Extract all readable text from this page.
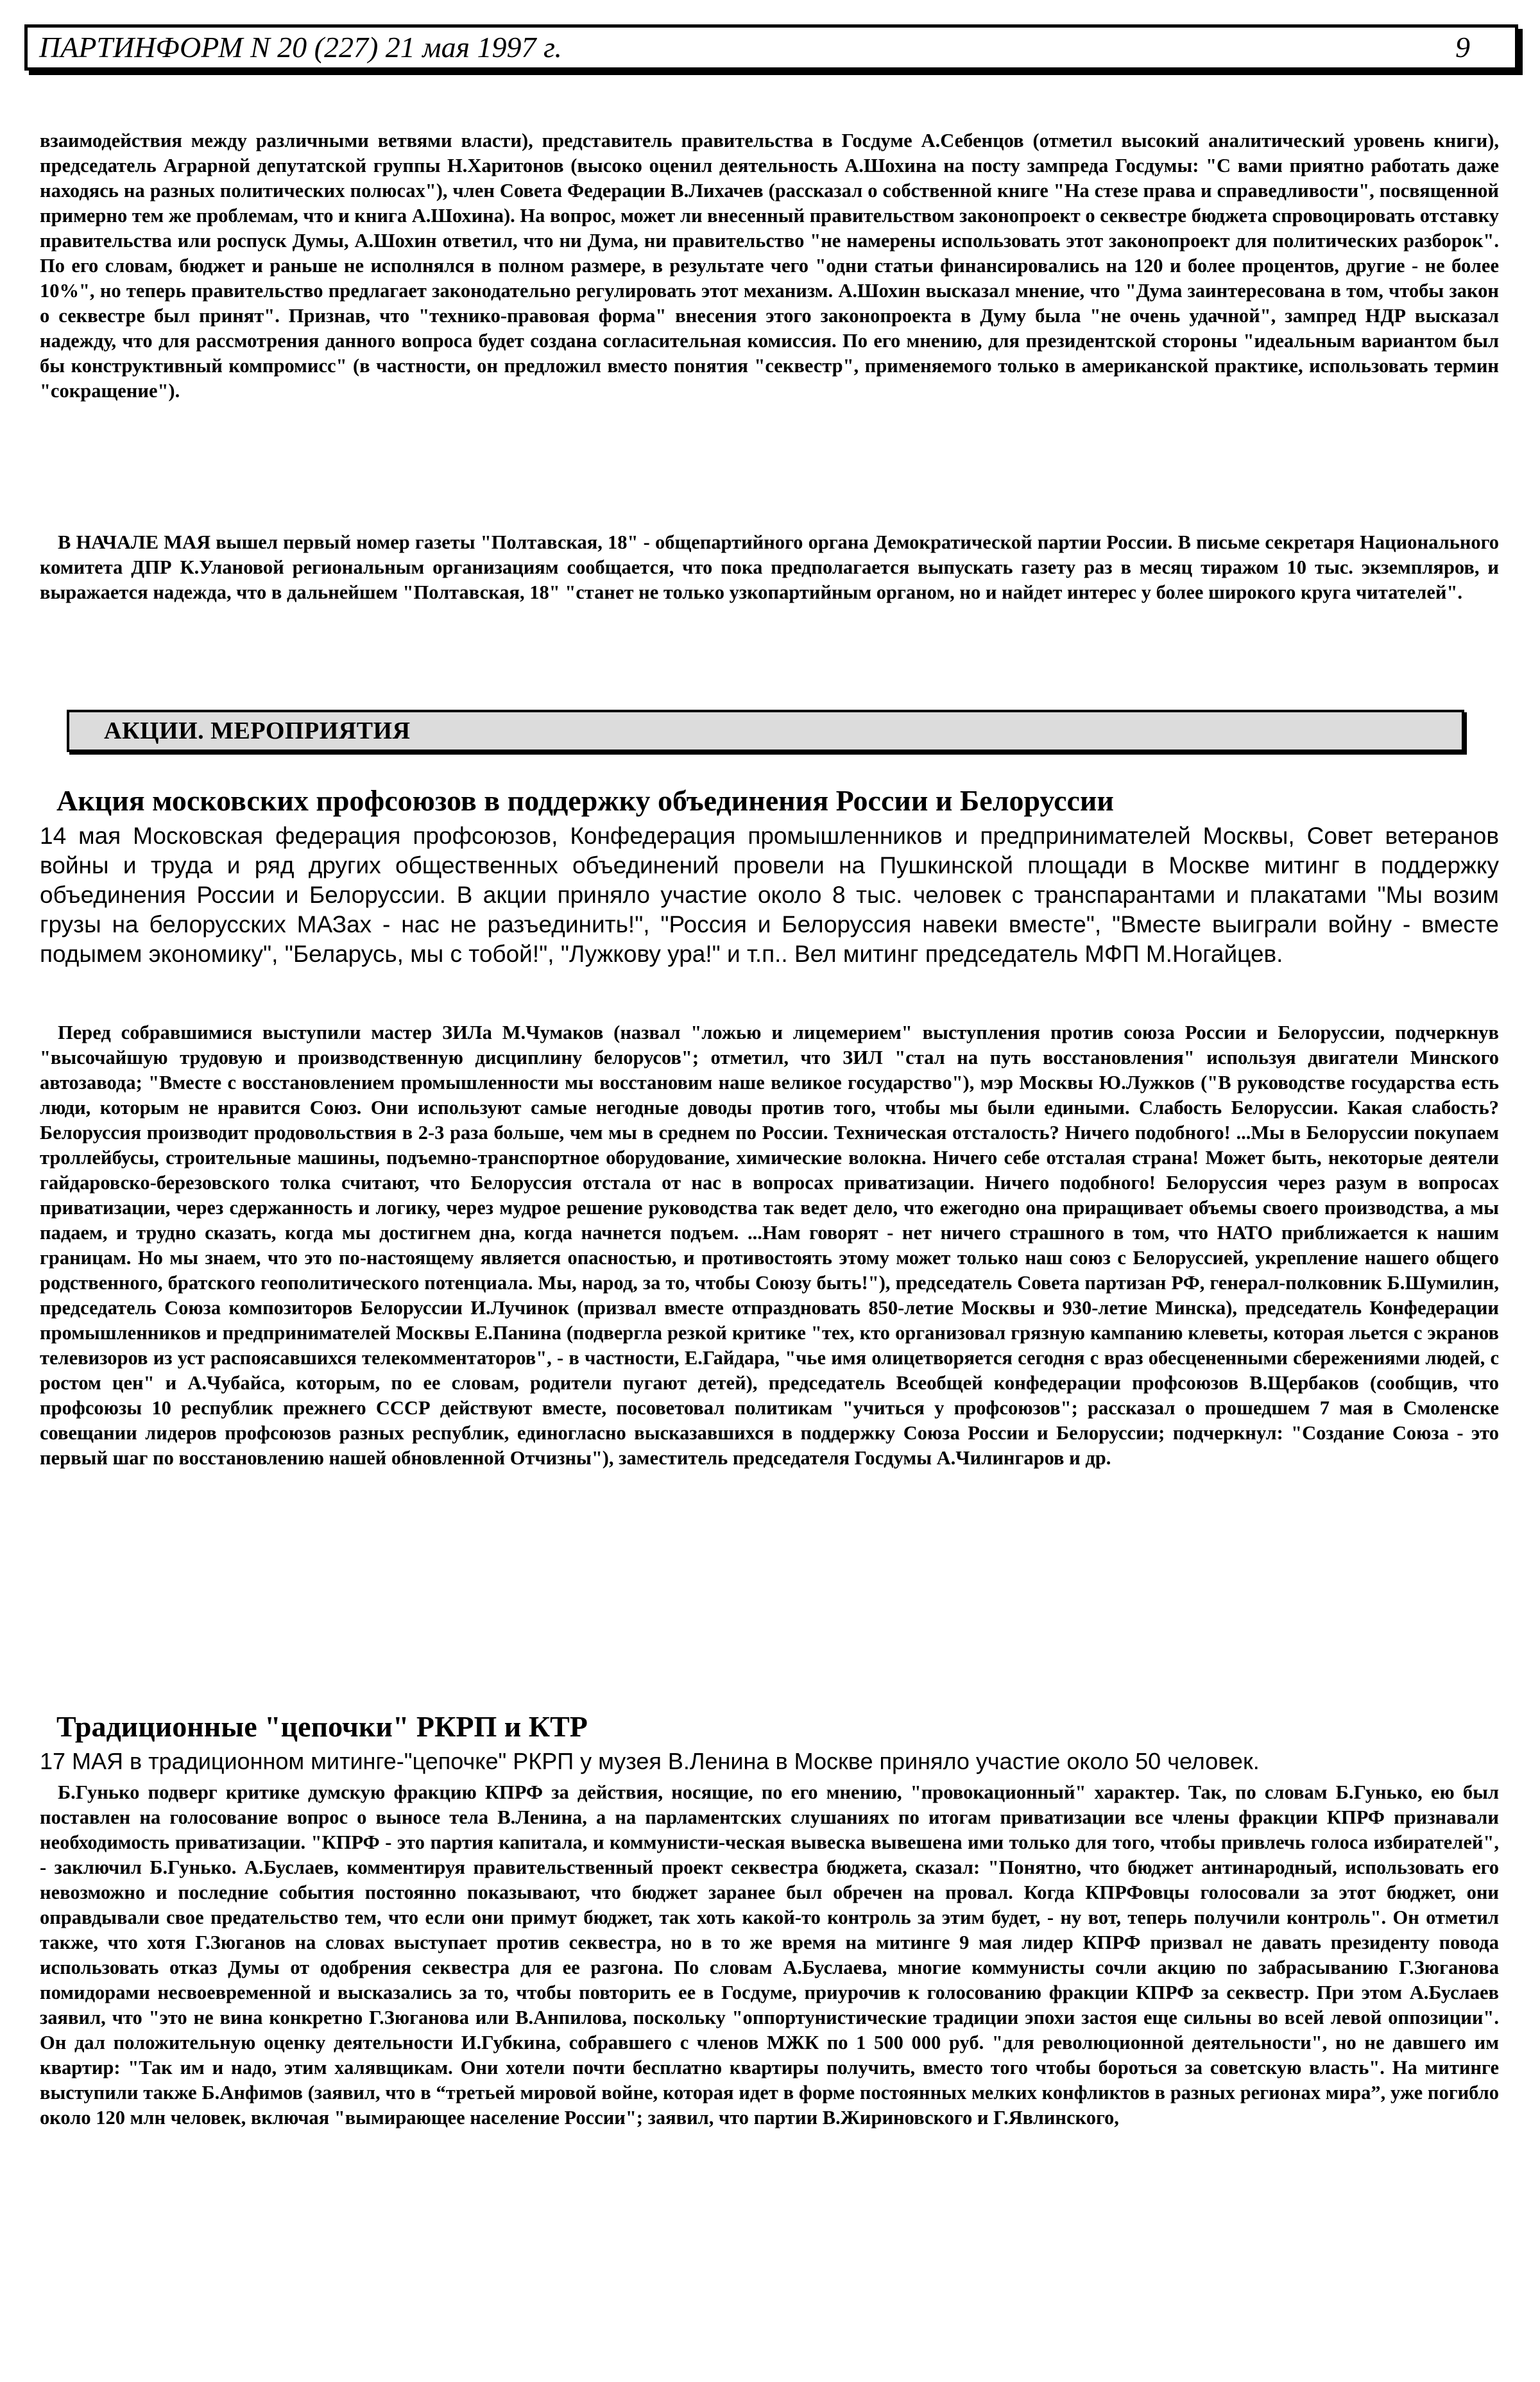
ПАРТИНФОРМ N 20 (227) 21 мая 1997 г.	9

взаимодействия между различными ветвями власти), представитель правительства в Госдуме А.Себенцов (отметил высокий аналитический уровень книги), председатель Аграрной депутатской группы Н.Харитонов (высоко оценил деятельность А.Шохина на посту зампреда Госдумы: "С вами приятно работать даже находясь на разных политических полюсах"), член Совета Федерации В.Лихачев (рассказал о собственной книге "На стезе права и справедливости", посвященной примерно тем же проблемам, что и книга А.Шохина). На вопрос, может ли внесенный правительством законопроект о секвестре бюджета спровоцировать отставку правительства или роспуск Думы, А.Шохин ответил, что ни Дума, ни правительство "не намерены использовать этот законопроект для политических разборок". По его словам, бюджет и раньше не исполнялся в полном размере, в результате чего "одни статьи финансировались на 120 и более процентов, другие - не более 10%", но теперь правительство предлагает законодательно регулировать этот механизм. А.Шохин высказал мнение, что "Дума заинтересована в том, чтобы закон о секвестре был принят". Признав, что "технико-правовая форма" внесения этого законопроекта в Думу была "не очень удачной", зампред НДР высказал надежду, что для рассмотрения данного вопроса будет создана согласительная комиссия. По его мнению, для президентской стороны "идеальным вариантом был бы конструктивный компромисс" (в частности, он предложил вместо понятия "секвестр", применяемого только в американской практике, использовать термин "сокращение").

В НАЧАЛЕ МАЯ вышел первый номер газеты "Полтавская, 18" - общепартийного органа Демократической партии России. В письме секретаря Национального комитета ДПР К.Улановой региональным организациям сообщается, что пока предполагается выпускать газету раз в месяц тиражом 10 тыс. экземпляров, и выражается надежда, что в дальнейшем "Полтавская, 18" "станет не только узкопартийным органом, но и найдет интерес у более широкого круга читателей".

АКЦИИ. МЕРОПРИЯТИЯ
Акция московских профсоюзов в поддержку объединения России и Белоруссии

14 мая Московская федерация профсоюзов, Конфедерация промышленников и предпринимателей Москвы, Совет ветеранов войны и труда и ряд других общественных объединений провели на Пушкинской площади в Москве митинг в поддержку объединения России и Белоруссии. В акции приняло участие около 8 тыс. человек с транспарантами и плакатами "Мы возим грузы на белорусских МАЗах - нас не разъединить!", "Россия и Белоруссия навеки вместе", "Вместе выиграли войну - вместе подымем экономику", "Беларусь, мы с тобой!", "Лужкову ура!" и т.п.. Вел митинг председатель МФП М.Ногайцев.

Перед собравшимися выступили мастер ЗИЛа М.Чумаков (назвал "ложью и лицемерием" выступления против союза России и Белоруссии, подчеркнув "высочайшую трудовую и производственную дисциплину белорусов"; отметил, что ЗИЛ "стал на путь восстановления" используя двигатели Минского автозавода; "Вместе с восстановлением промышленности мы восстановим наше великое государство"), мэр Москвы Ю.Лужков ("В руководстве государства есть люди, которым не нравится Союз. Они используют самые негодные доводы против того, чтобы мы были едиными. Слабость Белоруссии. Какая слабость? Белоруссия производит продовольствия в 2-3 раза больше, чем мы в среднем по России. Техническая отсталость? Ничего подобного! ...Мы в Белоруссии покупаем троллейбусы, строительные машины, подъемно-транспортное оборудование, химические волокна. Ничего себе отсталая страна! Может быть, некоторые деятели гайдаровско-березовского толка считают, что Белоруссия отстала от нас в вопросах приватизации. Ничего подобного! Белоруссия через разум в вопросах приватизации, через сдержанность и логику, через мудрое решение руководства так ведет дело, что ежегодно она приращивает объемы своего производства, а мы падаем, и трудно сказать, когда мы достигнем дна, когда начнется подъем. ...Нам говорят - нет ничего страшного в том, что НАТО приближается к нашим границам. Но мы знаем, что это по-настоящему является опасностью, и противостоять этому может только наш союз с Белоруссией, укрепление нашего общего родственного, братского геополитического потенциала. Мы, народ, за то, чтобы Союзу быть!"), председатель Совета партизан РФ, генерал-полковник Б.Шумилин, председатель Союза композиторов Белоруссии И.Лучинок (призвал вместе отпраздновать 850-летие Москвы и 930-летие Минска), председатель Конфедерации промышленников и предпринимателей Москвы Е.Панина (подвергла резкой критике "тех, кто организовал грязную кампанию клеветы, которая льется с экранов телевизоров из уст распоясавшихся телекомментаторов", - в частности, Е.Гайдара, "чье имя олицетворяется сегодня с враз обесцененными сбережениями людей, с ростом цен" и А.Чубайса, которым, по ее словам, родители пугают детей), председатель Всеобщей конфедерации профсоюзов В.Щербаков (сообщив, что профсоюзы 10 республик прежнего СССР действуют вместе, посоветовал политикам "учиться у профсоюзов"; рассказал о прошедшем 7 мая в Смоленске совещании лидеров профсоюзов разных республик, единогласно высказавшихся в поддержку Союза России и Белоруссии; подчеркнул: "Создание Союза - это первый шаг по восстановлению нашей обновленной Отчизны"), заместитель председателя Госдумы А.Чилингаров и др.

Традиционные "цепочки" РКРП и КТР

17 МАЯ в традиционном митинге-"цепочке" РКРП у музея В.Ленина в Москве приняло участие около 50 человек.

Б.Гунько подверг критике думскую фракцию КПРФ за действия, носящие, по его мнению, "провокационный" характер. Так, по словам Б.Гунько, ею был поставлен на голосование вопрос о выносе тела В.Ленина, а на парламентских слушаниях по итогам приватизации все члены фракции КПРФ признавали необходимость приватизации. "КПРФ - это партия капитала, и коммунисти-ческая вывеска вывешена ими только для того, чтобы привлечь голоса избирателей", - заключил Б.Гунько. А.Буслаев, комментируя правительственный проект секвестра бюджета, сказал: "Понятно, что бюджет антинародный, использовать его невозможно и последние события постоянно показывают, что бюджет заранее был обречен на провал. Когда КПРФовцы голосовали за этот бюджет, они оправдывали свое предательство тем, что если они примут бюджет, так хоть какой-то контроль за этим будет, - ну вот, теперь получили контроль". Он отметил также, что хотя Г.Зюганов на словах выступает против секвестра, но в то же время на митинге 9 мая лидер КПРФ призвал не давать президенту повода использовать отказ Думы от одобрения секвестра для ее разгона. По словам А.Буслаева, многие коммунисты сочли акцию по забрасыванию Г.Зюганова помидорами несвоевременной и высказались за то, чтобы повторить ее в Госдуме, приурочив к голосованию фракции КПРФ за секвестр. При этом А.Буслаев заявил, что "это не вина конкретно Г.Зюганова или В.Анпилова, поскольку "оппортунистические традиции эпохи застоя еще сильны во всей левой оппозиции". Он дал положительную оценку деятельности И.Губкина, собравшего с членов МЖК по 1 500 000 руб. "для революционной деятельности", но не давшего им квартир: "Так им и надо, этим халявщикам. Они хотели почти бесплатно квартиры получить, вместо того чтобы бороться за советскую власть". На митинге выступили также Б.Анфимов (заявил, что в “третьей мировой войне, которая идет в форме постоянных мелких конфликтов в разных регионах мира”, уже погибло около 120 млн человек, включая "вымирающее население России"; заявил, что партии В.Жириновского и Г.Явлинского,
